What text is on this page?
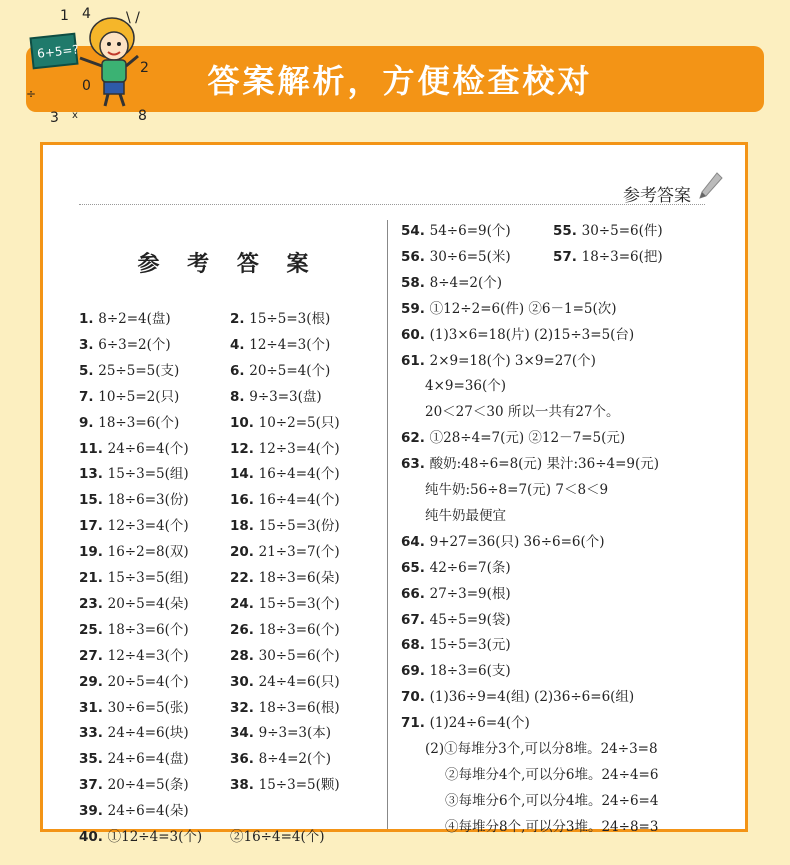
答案解析，方便检查校对
6+5=?
1 4
0
2
3	8
x
÷
\ /
参考答案
参 考 答 案
1. 8÷2=4(盘)	2. 15÷5=3(根)
3. 6÷3=2(个)	4. 12÷4=3(个)
5. 25÷5=5(支)	6. 20÷5=4(个)
7. 10÷5=2(只)	8. 9÷3=3(盘)
9. 18÷3=6(个)	10. 10÷2=5(只)
11. 24÷6=4(个)	12. 12÷3=4(个)
13. 15÷3=5(组)	14. 16÷4=4(个)
15. 18÷6=3(份)	16. 16÷4=4(个)
17. 12÷3=4(个)	18. 15÷5=3(份)
19. 16÷2=8(双)	20. 21÷3=7(个)
21. 15÷3=5(组)	22. 18÷3=6(朵)
23. 20÷5=4(朵)	24. 15÷5=3(个)
25. 18÷3=6(个)	26. 18÷3=6(个)
27. 12÷4=3(个)	28. 30÷5=6(个)
29. 20÷5=4(个)	30. 24÷4=6(只)
31. 30÷6=5(张)	32. 18÷3=6(根)
33. 24÷4=6(块)	34. 9÷3=3(本)
35. 24÷6=4(盘)	36. 8÷4=2(个)
37. 20÷4=5(条)	38. 15÷3=5(颗)
39. 24÷6=4(朵)
40. ①12÷4=3(个) ②16÷4=4(个)
54. 54÷6=9(个)	55. 30÷5=6(件)
56. 30÷6=5(米)	57. 18÷3=6(把)
58. 8÷4=2(个)
59. ①12÷2=6(件) ②6－1=5(次)
60. (1)3×6=18(片) (2)15÷3=5(台)
61. 2×9=18(个) 3×9=27(个)
4×9=36(个)
20＜27＜30 所以一共有27个。
62. ①28÷4=7(元) ②12－7=5(元)
63. 酸奶:48÷6=8(元) 果汁:36÷4=9(元)
纯牛奶:56÷8=7(元) 7＜8＜9
纯牛奶最便宜
64. 9+27=36(只) 36÷6=6(个)
65. 42÷6=7(条)
66. 27÷3=9(根)
67. 45÷5=9(袋)
68. 15÷5=3(元)
69. 18÷3=6(支)
70. (1)36÷9=4(组) (2)36÷6=6(组)
71. (1)24÷6=4(个)
(2)①每堆分3个,可以分8堆。24÷3=8
②每堆分4个,可以分6堆。24÷4=6
③每堆分6个,可以分4堆。24÷6=4
④每堆分8个,可以分3堆。24÷8=3
